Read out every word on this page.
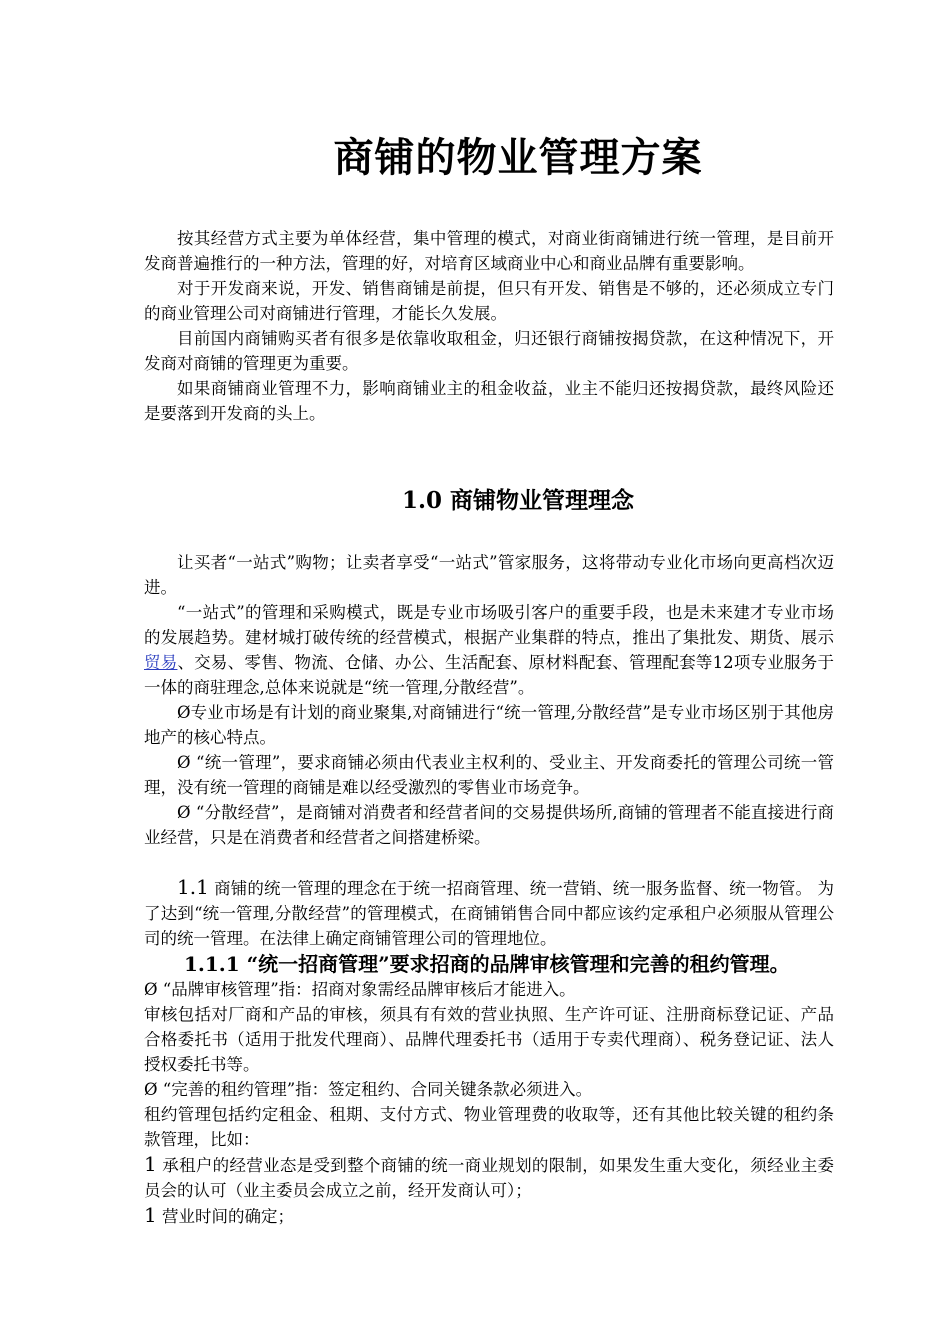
商铺的物业管理方案

按其经营方式主要为单体经营，集中管理的模式，对商业街商铺进行统一管理，是目前开发商普遍推行的一种方法，管理的好，对培育区域商业中心和商业品牌有重要影响。

对于开发商来说，开发、销售商铺是前提，但只有开发、销售是不够的，还必须成立专门的商业管理公司对商铺进行管理，才能长久发展。

目前国内商铺购买者有很多是依靠收取租金，归还银行商铺按揭贷款，在这种情况下，开发商对商铺的管理更为重要。

如果商铺商业管理不力，影响商铺业主的租金收益，业主不能归还按揭贷款，最终风险还是要落到开发商的头上。

1.0 商铺物业管理理念

让买者“一站式”购物；让卖者享受“一站式”管家服务，这将带动专业化市场向更高档次迈进。

“一站式”的管理和采购模式，既是专业市场吸引客户的重要手段，也是未来建才专业市场的发展趋势。建材城打破传统的经营模式，根据产业集群的特点，推出了集批发、期货、展示贸易、交易、零售、物流、仓储、办公、生活配套、原材料配套、管理配套等12项专业服务于一体的商驻理念,总体来说就是“统一管理,分散经营”。

Ø专业市场是有计划的商业聚集,对商铺进行“统一管理,分散经营”是专业市场区别于其他房地产的核心特点。

Ø “统一管理”，要求商铺必须由代表业主权利的、受业主、开发商委托的管理公司统一管理，没有统一管理的商铺是难以经受激烈的零售业市场竞争。

Ø “分散经营”，是商铺对消费者和经营者间的交易提供场所,商铺的管理者不能直接进行商业经营，只是在消费者和经营者之间搭建桥梁。

1.1 商铺的统一管理的理念在于统一招商管理、统一营销、统一服务监督、统一物管。 为了达到“统一管理,分散经营”的管理模式，在商铺销售合同中都应该约定承租户必须服从管理公司的统一管理。在法律上确定商铺管理公司的管理地位。

1.1.1 “统一招商管理”要求招商的品牌审核管理和完善的租约管理。

Ø “品牌审核管理”指：招商对象需经品牌审核后才能进入。

审核包括对厂商和产品的审核，须具有有效的营业执照、生产许可证、注册商标登记证、产品合格委托书（适用于批发代理商）、品牌代理委托书（适用于专卖代理商）、税务登记证、法人授权委托书等。

Ø “完善的租约管理”指：签定租约、合同关键条款必须进入。

租约管理包括约定租金、租期、支付方式、物业管理费的收取等，还有其他比较关键的租约条款管理，比如：

1 承租户的经营业态是受到整个商铺的统一商业规划的限制，如果发生重大变化，须经业主委员会的认可（业主委员会成立之前，经开发商认可）；

1 营业时间的确定；
